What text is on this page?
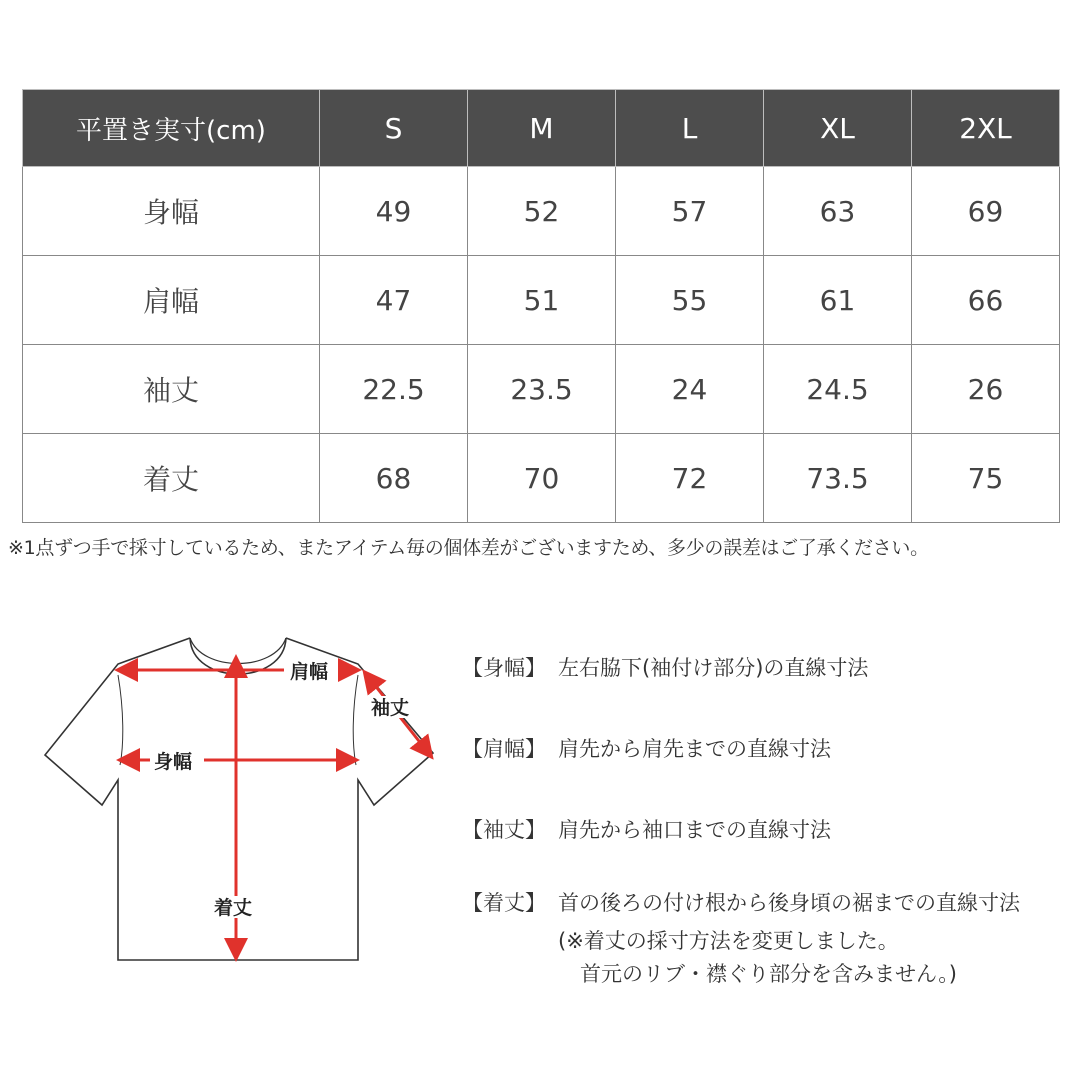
平置き実寸(cm)	S	M	L	XL	2XL
身幅	49	52	57	63	69
肩幅	47	51	55	61	66
袖丈	22.5	23.5	24	24.5	26
着丈	68	70	72	73.5	75
※1点ずつ手で採寸しているため、またアイテム毎の個体差がございますため、多少の誤差はご了承ください。
肩幅
袖丈
身幅
着丈
【身幅】 左右脇下(袖付け部分)の直線寸法
【肩幅】 肩先から肩先までの直線寸法
【袖丈】 肩先から袖口までの直線寸法
【着丈】 首の後ろの付け根から後身頃の裾までの直線寸法
(※着丈の採寸方法を変更しました。
首元のリブ・襟ぐり部分を含みません。)
